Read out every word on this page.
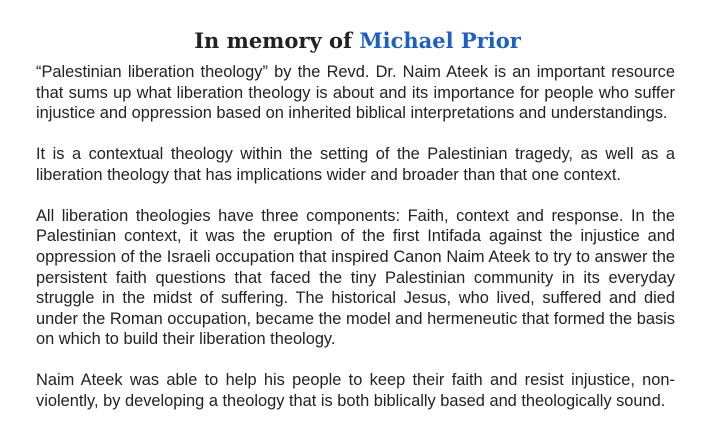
In memory of Michael Prior

“Palestinian liberation theology” by the Revd. Dr. Naim Ateek is an important resource that sums up what liberation theology is about and its importance for people who suffer injustice and oppression based on inherited biblical interpretations and understandings.

It is a contextual theology within the setting of the Palestinian tragedy, as well as a liberation theology that has implications wider and broader than that one context.

All liberation theologies have three components: Faith, context and response. In the Palestinian context, it was the eruption of the first Intifada against the injustice and oppression of the Israeli occupation that inspired Canon Naim Ateek to try to answer the persistent faith questions that faced the tiny Palestinian community in its everyday struggle in the midst of suffering. The historical Jesus, who lived, suffered and died under the Roman occupation, became the model and hermeneutic that formed the basis on which to build their liberation theology.

Naim Ateek was able to help his people to keep their faith and resist injustice, non-violently, by developing a theology that is both biblically based and theologically sound.
